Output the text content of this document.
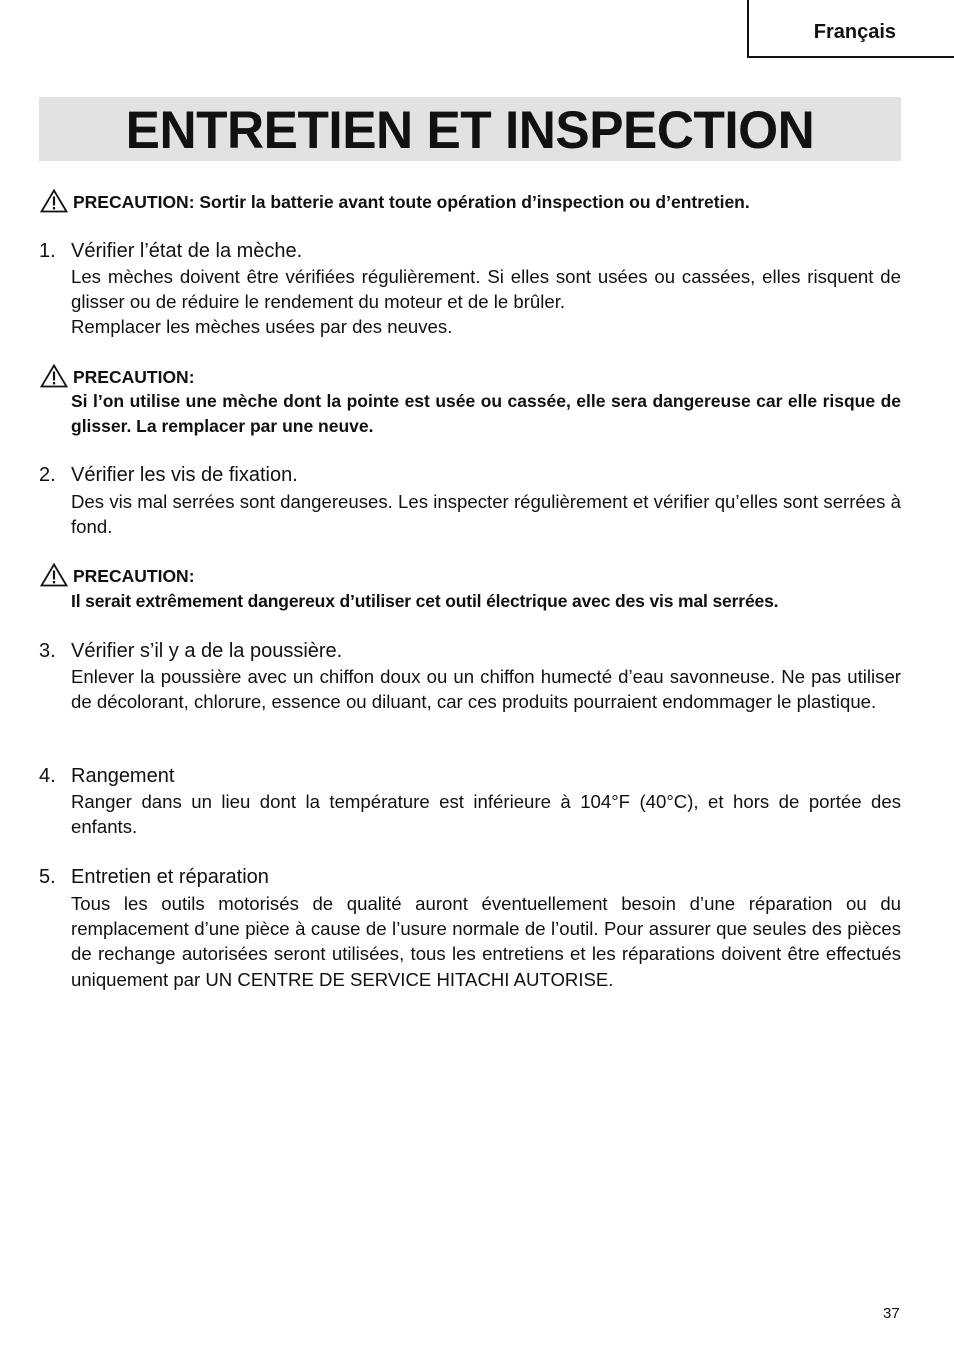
Français
ENTRETIEN ET INSPECTION
PRECAUTION: Sortir la batterie avant toute opération d’inspection ou d’entretien.
1. Vérifier l’état de la mèche.

Les mèches doivent être vérifiées régulièrement. Si elles sont usées ou cassées, elles risquent de glisser ou de réduire le rendement du moteur et de le brûler.

Remplacer les mèches usées par des neuves.

PRECAUTION:
Si l’on utilise une mèche dont la pointe est usée ou cassée, elle sera dangereuse car elle risque de glisser. La remplacer par une neuve.
2. Vérifier les vis de fixation.

Des vis mal serrées sont dangereuses. Les inspecter régulièrement et vérifier qu’elles sont serrées à fond.

PRECAUTION:
Il serait extrêmement dangereux d’utiliser cet outil électrique avec des vis mal serrées.
3. Vérifier s’il y a de la poussière.

Enlever la poussière avec un chiffon doux ou un chiffon humecté d’eau savonneuse. Ne pas utiliser de décolorant, chlorure, essence ou diluant, car ces produits pourraient endommager le plastique.

4. Rangement

Ranger dans un lieu dont la température est inférieure à 104°F (40°C), et hors de portée des enfants.

5. Entretien et réparation

Tous les outils motorisés de qualité auront éventuellement besoin d’une réparation ou du remplacement d’une pièce à cause de l’usure normale de l’outil. Pour assurer que seules des pièces de rechange autorisées seront utilisées, tous les entretiens et les réparations doivent être effectués uniquement par UN CENTRE DE SERVICE HITACHI AUTORISE.

37
